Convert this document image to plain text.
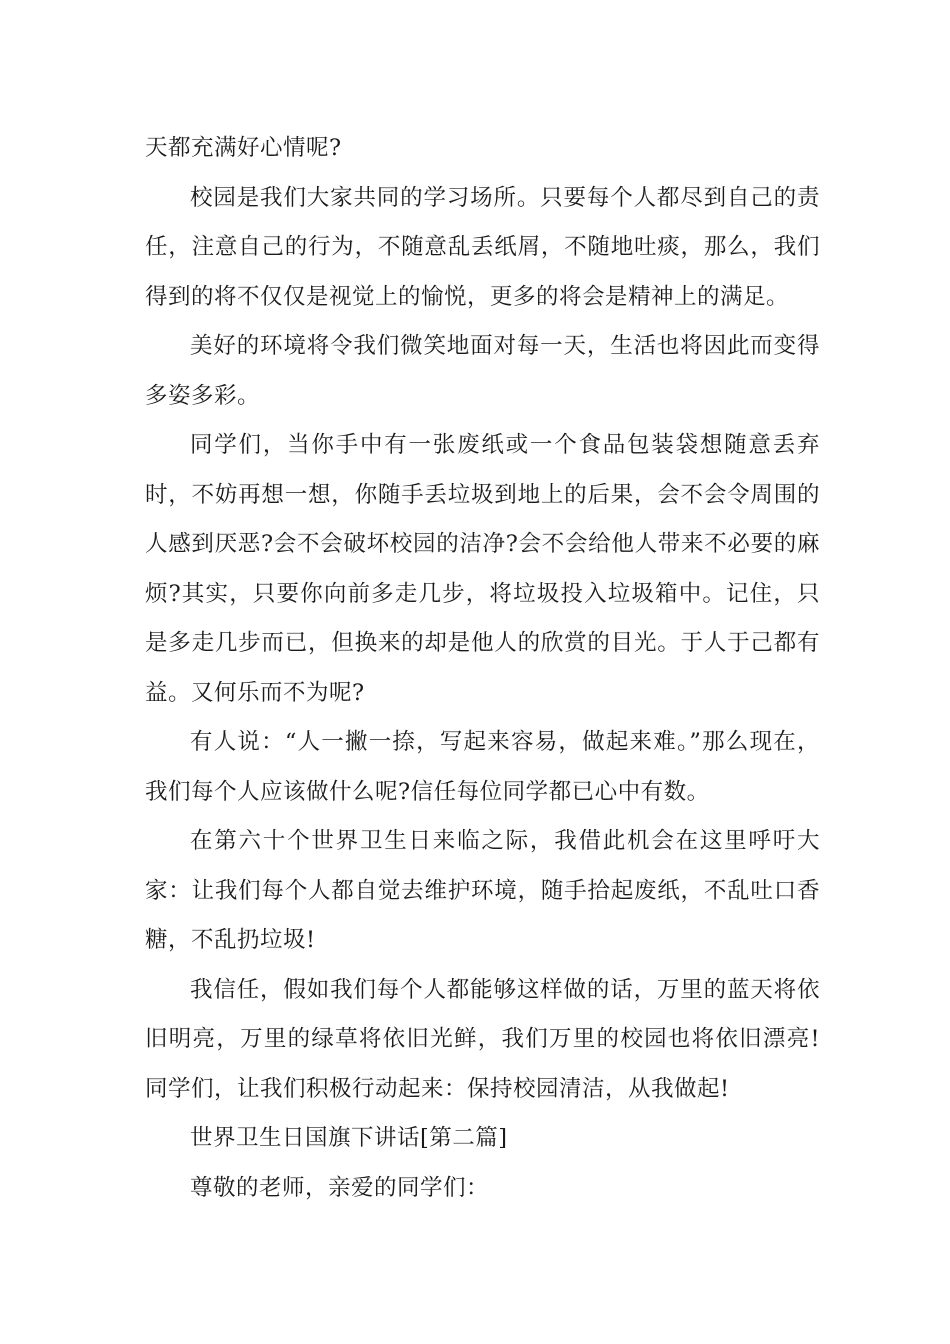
天都充满好心情呢?

校园是我们大家共同的学习场所。只要每个人都尽到自己的责任，注意自己的行为，不随意乱丢纸屑，不随地吐痰，那么，我们得到的将不仅仅是视觉上的愉悦，更多的将会是精神上的满足。

美好的环境将令我们微笑地面对每一天，生活也将因此而变得多姿多彩。

同学们，当你手中有一张废纸或一个食品包装袋想随意丢弃时，不妨再想一想，你随手丢垃圾到地上的后果，会不会令周围的人感到厌恶?会不会破坏校园的洁净?会不会给他人带来不必要的麻烦?其实，只要你向前多走几步，将垃圾投入垃圾箱中。记住，只是多走几步而已，但换来的却是他人的欣赏的目光。于人于己都有益。又何乐而不为呢?

有人说：“人一撇一捺，写起来容易，做起来难。”那么现在，我们每个人应该做什么呢?信任每位同学都已心中有数。

在第六十个世界卫生日来临之际，我借此机会在这里呼吁大家：让我们每个人都自觉去维护环境，随手拾起废纸，不乱吐口香糖，不乱扔垃圾!

我信任，假如我们每个人都能够这样做的话，万里的蓝天将依旧明亮，万里的绿草将依旧光鲜，我们万里的校园也将依旧漂亮!同学们，让我们积极行动起来：保持校园清洁，从我做起!

世界卫生日国旗下讲话[第二篇]

尊敬的老师，亲爱的同学们：
